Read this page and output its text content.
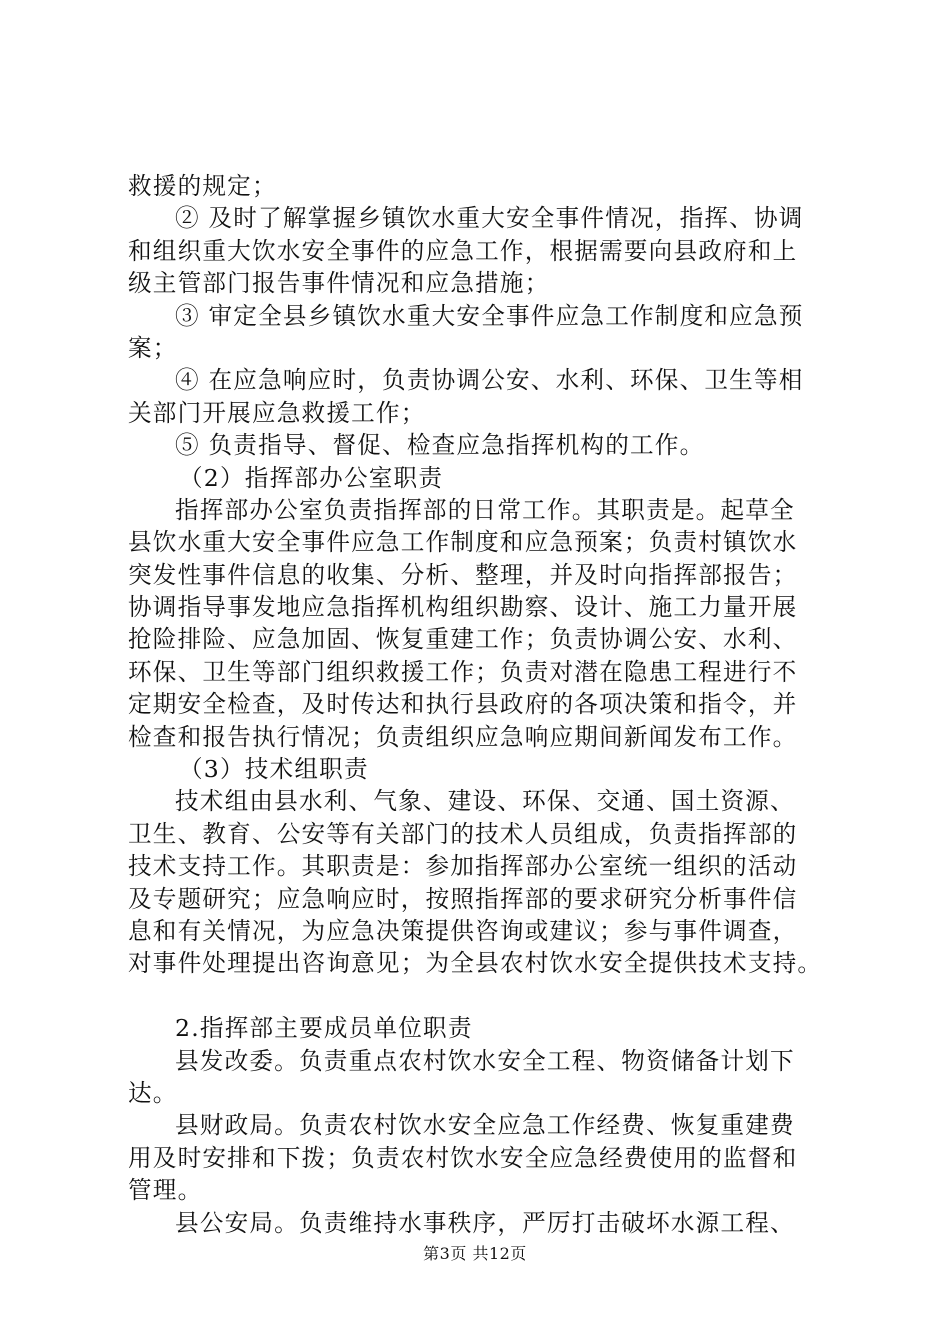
救援的规定；
② 及时了解掌握乡镇饮水重大安全事件情况，指挥、协调
和组织重大饮水安全事件的应急工作，根据需要向县政府和上
级主管部门报告事件情况和应急措施；
③ 审定全县乡镇饮水重大安全事件应急工作制度和应急预
案；
④ 在应急响应时，负责协调公安、水利、环保、卫生等相
关部门开展应急救援工作；
⑤ 负责指导、督促、检查应急指挥机构的工作。
（2）指挥部办公室职责
指挥部办公室负责指挥部的日常工作。其职责是。起草全
县饮水重大安全事件应急工作制度和应急预案；负责村镇饮水
突发性事件信息的收集、分析、整理，并及时向指挥部报告；
协调指导事发地应急指挥机构组织勘察、设计、施工力量开展
抢险排险、应急加固、恢复重建工作；负责协调公安、水利、
环保、卫生等部门组织救援工作；负责对潜在隐患工程进行不
定期安全检查，及时传达和执行县政府的各项决策和指令，并
检查和报告执行情况；负责组织应急响应期间新闻发布工作。
（3）技术组职责
技术组由县水利、气象、建设、环保、交通、国土资源、
卫生、教育、公安等有关部门的技术人员组成，负责指挥部的
技术支持工作。其职责是：参加指挥部办公室统一组织的活动
及专题研究；应急响应时，按照指挥部的要求研究分析事件信
息和有关情况，为应急决策提供咨询或建议；参与事件调查，
对事件处理提出咨询意见；为全县农村饮水安全提供技术支持。
2.指挥部主要成员单位职责
县发改委。负责重点农村饮水安全工程、物资储备计划下
达。
县财政局。负责农村饮水安全应急工作经费、恢复重建费
用及时安排和下拨；负责农村饮水安全应急经费使用的监督和
管理。
县公安局。负责维持水事秩序，严厉打击破坏水源工程、
第3页 共12页
